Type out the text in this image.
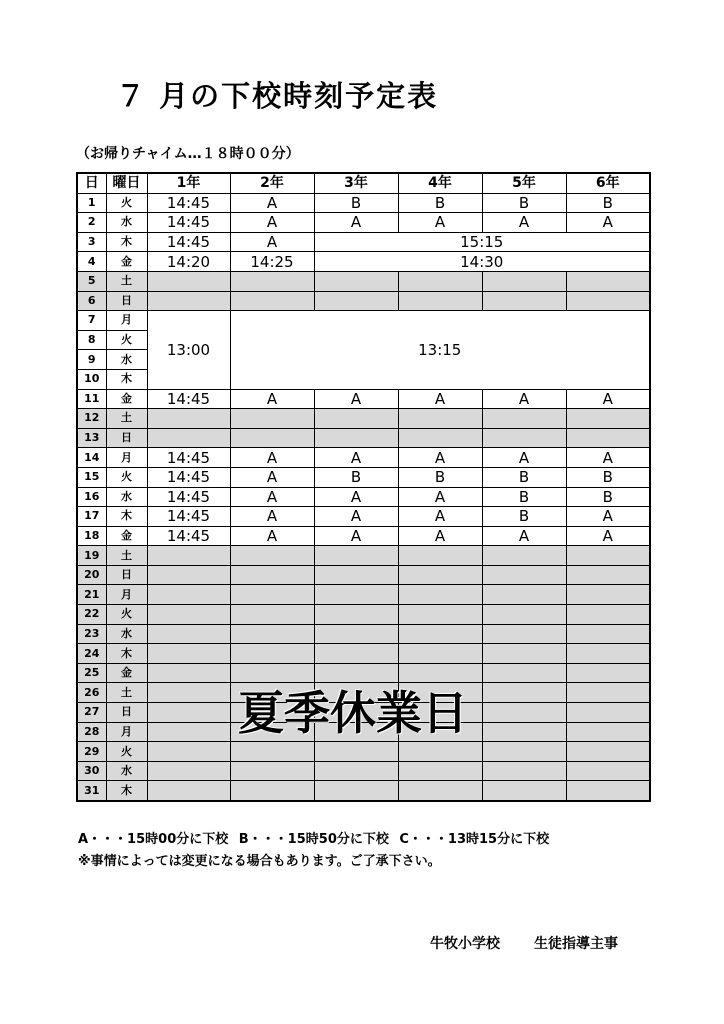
７ 月の下校時刻予定表
（お帰りチャイム…１８時００分）
日	曜日	1年	2年	3年	4年	5年	6年
1	火	14:45	A	B	B	B	B
2	水	14:45	A	A	A	A	A
3	木	14:45	A	15:15			
4	金	14:20	14:25	14:30			
5	土						
6	日						
7	月	13:00	13:15				
8	火						
9	水						
10	木						
11	金	14:45	A	A	A	A	A
12	土						
13	日						
14	月	14:45	A	A	A	A	A
15	火	14:45	A	B	B	B	B
16	水	14:45	A	A	A	B	B
17	木	14:45	A	A	A	B	A
18	金	14:45	A	A	A	A	A
19	土						
20	日						
21	月						
22	火						
23	水						
24	木						
25	金						
26	土						
27	日						
28	月						
29	火						
30	水						
31	木						
夏季休業日
A・・・15時00分に下校 B・・・15時50分に下校 C・・・13時15分に下校
※事情によっては変更になる場合もあります。ご了承下さい。
牛牧小学校 生徒指導主事
